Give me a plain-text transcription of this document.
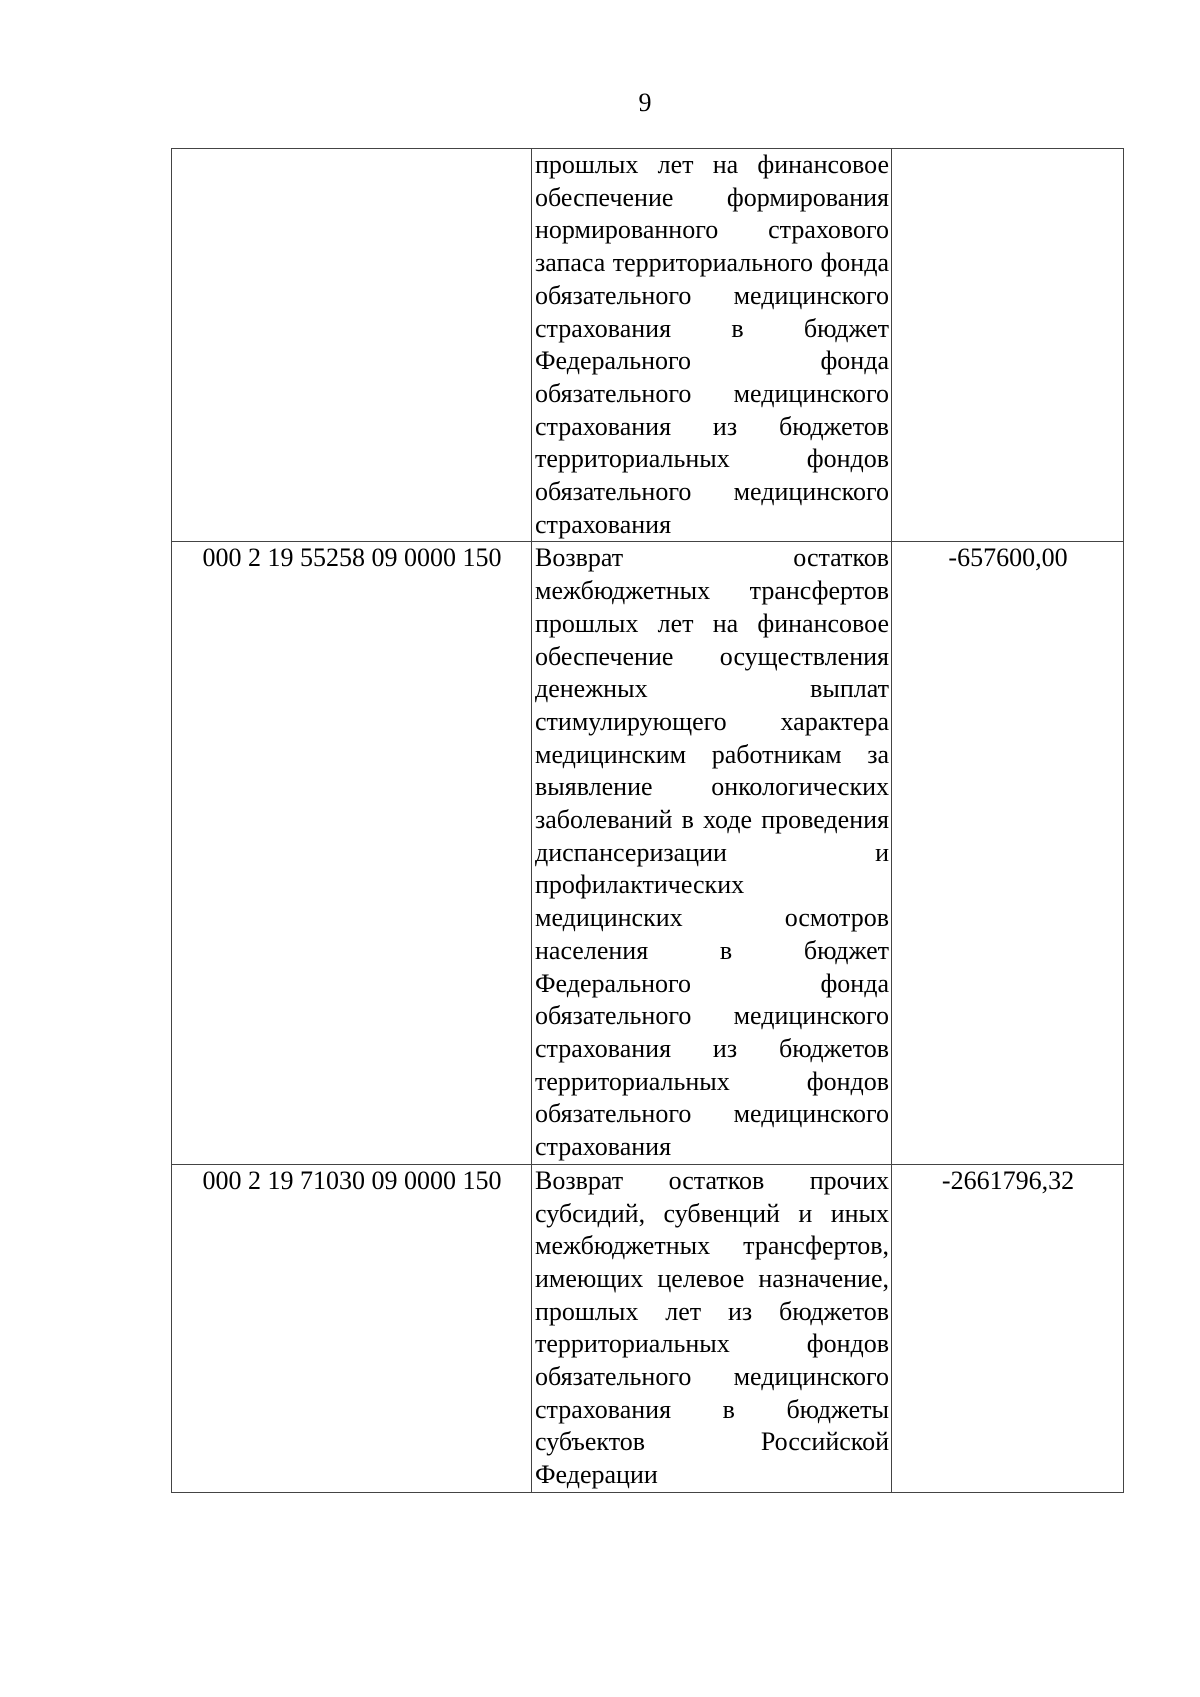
9
	прошлых лет на финансовое обеспечение формирования нормированного страхового запаса территориального фонда обязательного медицинского страхования в бюджет Федерального фонда обязательного медицинского страхования из бюджетов территориальных фондов обязательного медицинского страхования	
000 2 19 55258 09 0000 150	Возврат остатков межбюджетных трансфертов прошлых лет на финансовое обеспечение осуществления денежных выплат стимулирующего характера медицинским работникам за выявление онкологических заболеваний в ходе проведения диспансеризации и профилактических медицинских осмотров населения в бюджет Федерального фонда обязательного медицинского страхования из бюджетов территориальных фондов обязательного медицинского страхования	-657600,00
000 2 19 71030 09 0000 150	Возврат остатков прочих субсидий, субвенций и иных межбюджетных трансфертов, имеющих целевое назначение, прошлых лет из бюджетов территориальных фондов обязательного медицинского страхования в бюджеты субъектов Российской Федерации	-2661796,32
